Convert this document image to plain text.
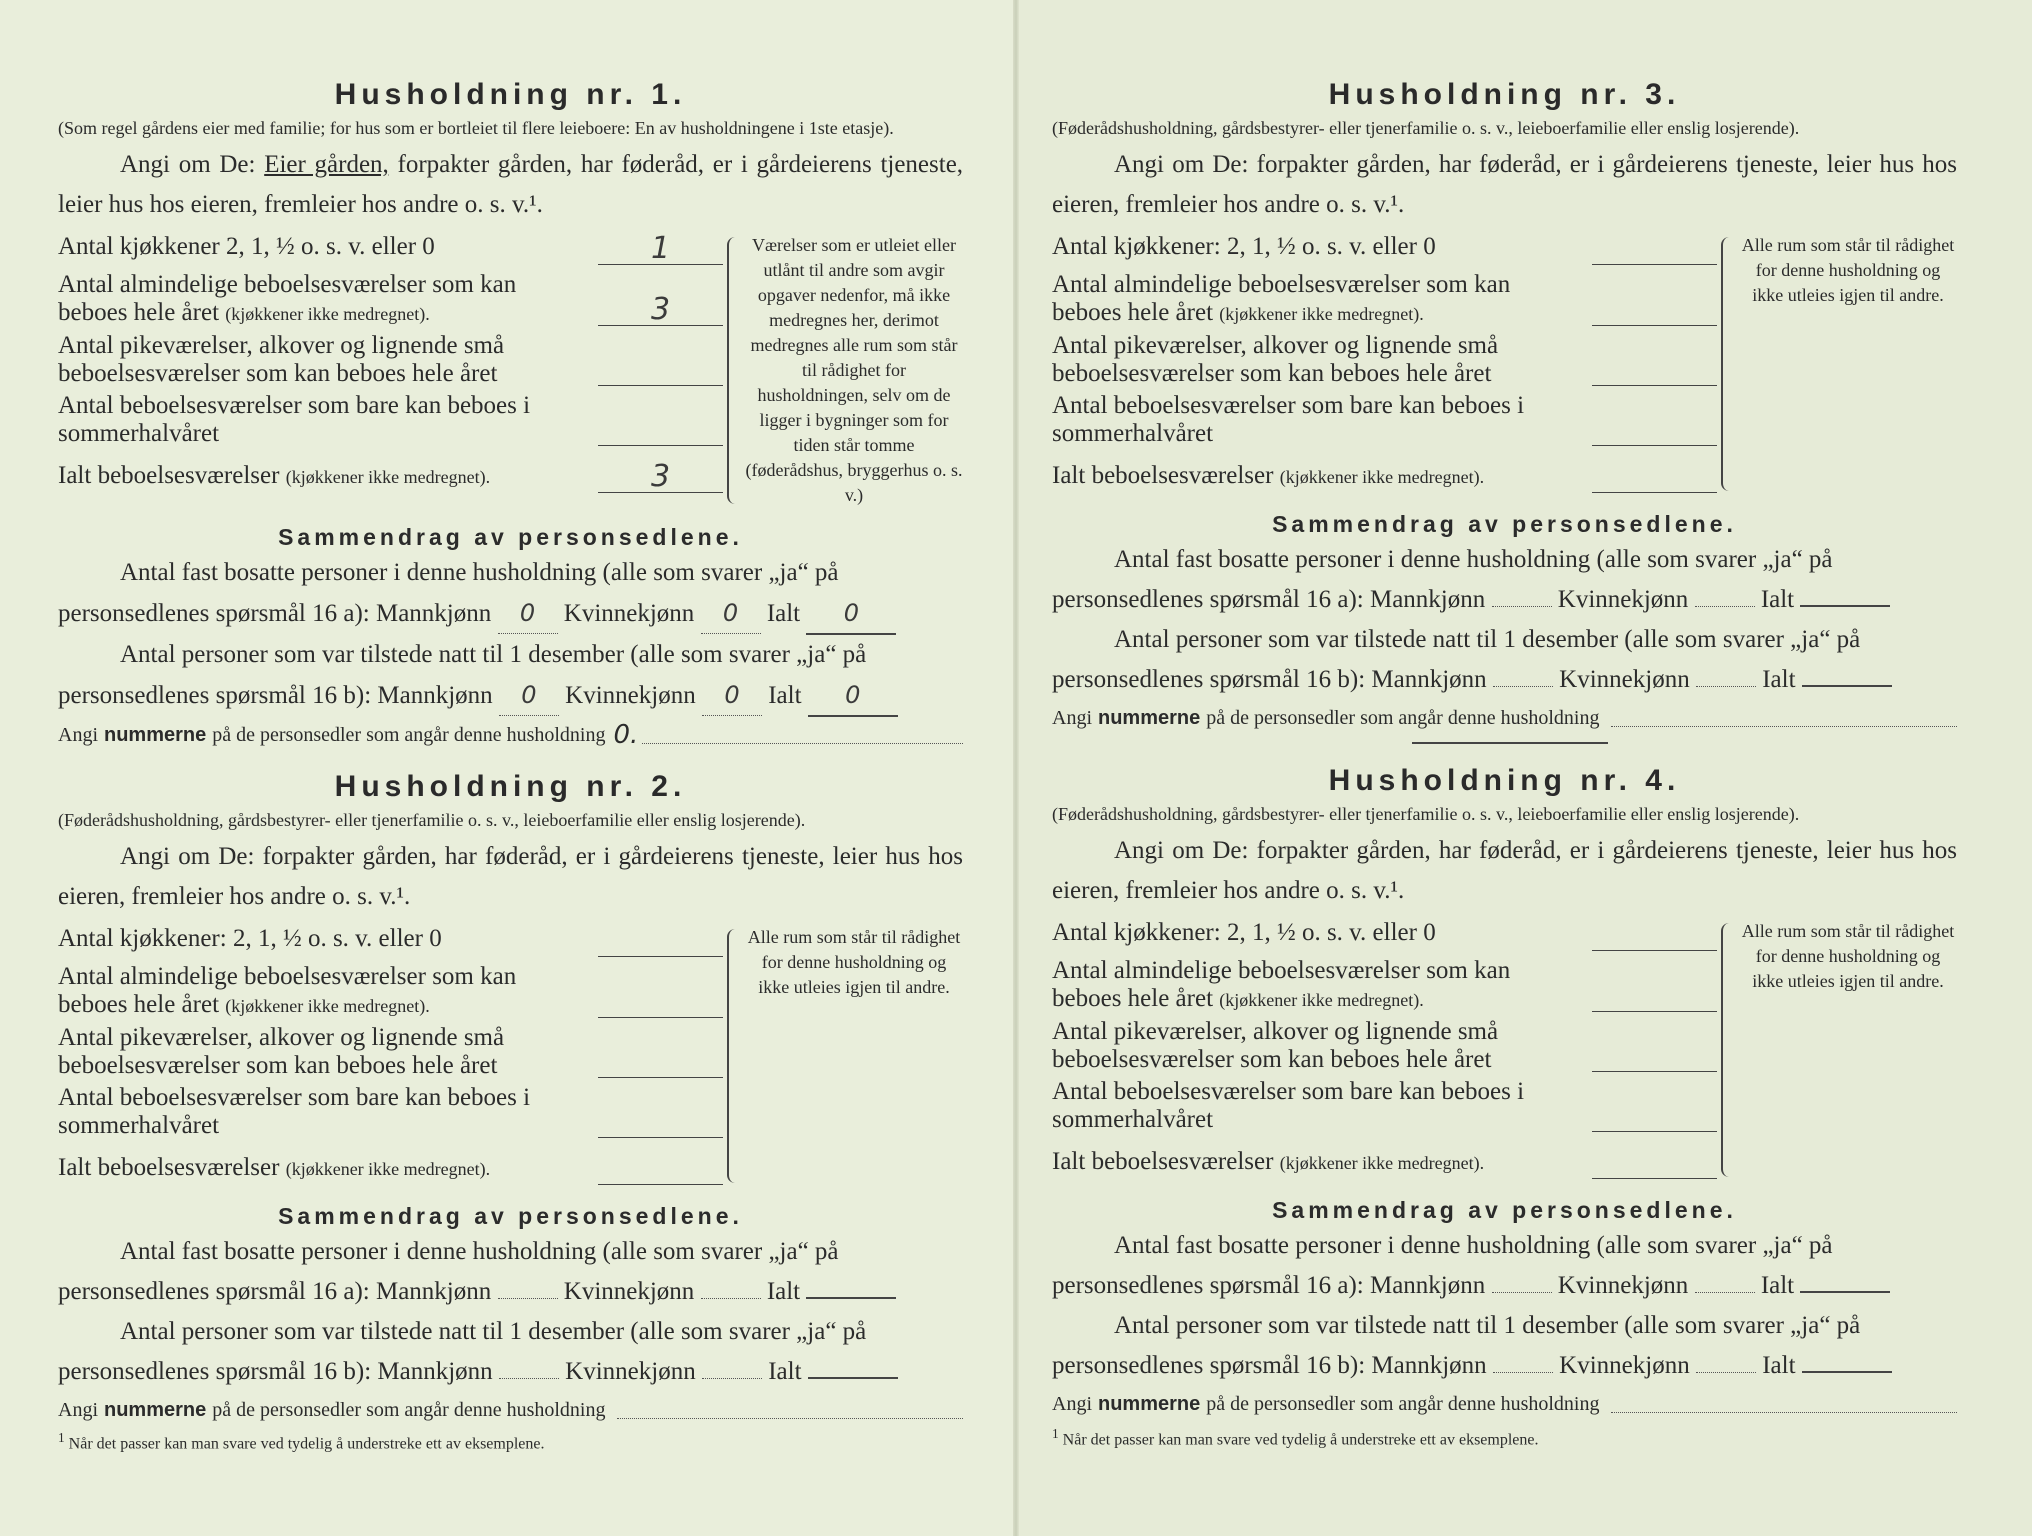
Husholdning nr. 1.
(Som regel gårdens eier med familie; for hus som er bortleiet til flere leieboere: En av husholdningene i 1ste etasje).
Angi om De: Eier gården, forpakter gården, har føderåd, er i gårdeierens tjeneste, leier hus hos eieren, fremleier hos andre o. s. v.¹.
Antal kjøkkener 2, 1, ½ o. s. v. eller 0	1
Antal almindelige beboelsesværelser som kan beboes hele året (kjøkkener ikke medregnet).	3
Antal pikeværelser, alkover og lignende små beboelsesværelser som kan beboes hele året
Antal beboelsesværelser som bare kan beboes i sommerhalvåret
Ialt beboelsesværelser (kjøkkener ikke medregnet).	3
Værelser som er utleiet eller utlånt til andre som avgir opgaver nedenfor, må ikke medregnes her, derimot medregnes alle rum som står til rådighet for husholdningen, selv om de ligger i bygninger som for tiden står tomme (føderådshus, bryggerhus o. s. v.)
Sammendrag av personsedlene.
Antal fast bosatte personer i denne husholdning (alle som svarer „ja“ på personsedlenes spørsmål 16 a): Mannkjønn 0 Kvinnekjønn 0 Ialt 0
Antal personer som var tilstede natt til 1 desember (alle som svarer „ja“ på personsedlenes spørsmål 16 b): Mannkjønn 0 Kvinnekjønn 0 Ialt 0
Angi nummerne på de personsedler som angår denne husholdning 0.
Husholdning nr. 2.
(Føderådshusholdning, gårdsbestyrer- eller tjenerfamilie o. s. v., leieboerfamilie eller enslig losjerende).
Angi om De: forpakter gården, har føderåd, er i gårdeierens tjeneste, leier hus hos eieren, fremleier hos andre o. s. v.¹.
Antal kjøkkener: 2, 1, ½ o. s. v. eller 0
Antal almindelige beboelsesværelser som kan beboes hele året (kjøkkener ikke medregnet).
Antal pikeværelser, alkover og lignende små beboelsesværelser som kan beboes hele året
Antal beboelsesværelser som bare kan beboes i sommerhalvåret
Ialt beboelsesværelser (kjøkkener ikke medregnet).
Alle rum som står til rådighet for denne husholdning og ikke utleies igjen til andre.
Sammendrag av personsedlene.
Antal fast bosatte personer i denne husholdning (alle som svarer „ja“ på personsedlenes spørsmål 16 a): Mannkjønn	Kvinnekjønn	Ialt
Antal personer som var tilstede natt til 1 desember (alle som svarer „ja“ på personsedlenes spørsmål 16 b): Mannkjønn	Kvinnekjønn	Ialt
Angi nummerne på de personsedler som angår denne husholdning
Husholdning nr. 3.
(Føderådshusholdning, gårdsbestyrer- eller tjenerfamilie o. s. v., leieboerfamilie eller enslig losjerende).
Angi om De: forpakter gården, har føderåd, er i gårdeierens tjeneste, leier hus hos eieren, fremleier hos andre o. s. v.¹.
Antal kjøkkener: 2, 1, ½ o. s. v. eller 0
Antal almindelige beboelsesværelser som kan beboes hele året (kjøkkener ikke medregnet).
Antal pikeværelser, alkover og lignende små beboelsesværelser som kan beboes hele året
Antal beboelsesværelser som bare kan beboes i sommerhalvåret
Ialt beboelsesværelser (kjøkkener ikke medregnet).
Alle rum som står til rådighet for denne husholdning og ikke utleies igjen til andre.
Sammendrag av personsedlene.
Antal fast bosatte personer i denne husholdning (alle som svarer „ja“ på personsedlenes spørsmål 16 a): Mannkjønn	Kvinnekjønn	Ialt
Antal personer som var tilstede natt til 1 desember (alle som svarer „ja“ på personsedlenes spørsmål 16 b): Mannkjønn	Kvinnekjønn	Ialt
Angi nummerne på de personsedler som angår denne husholdning
Husholdning nr. 4.
(Føderådshusholdning, gårdsbestyrer- eller tjenerfamilie o. s. v., leieboerfamilie eller enslig losjerende).
Angi om De: forpakter gården, har føderåd, er i gårdeierens tjeneste, leier hus hos eieren, fremleier hos andre o. s. v.¹.
Antal kjøkkener: 2, 1, ½ o. s. v. eller 0
Antal almindelige beboelsesværelser som kan beboes hele året (kjøkkener ikke medregnet).
Antal pikeværelser, alkover og lignende små beboelsesværelser som kan beboes hele året
Antal beboelsesværelser som bare kan beboes i sommerhalvåret
Ialt beboelsesværelser (kjøkkener ikke medregnet).
Alle rum som står til rådighet for denne husholdning og ikke utleies igjen til andre.
Sammendrag av personsedlene.
Antal fast bosatte personer i denne husholdning (alle som svarer „ja“ på personsedlenes spørsmål 16 a): Mannkjønn	Kvinnekjønn	Ialt
Antal personer som var tilstede natt til 1 desember (alle som svarer „ja“ på personsedlenes spørsmål 16 b): Mannkjønn	Kvinnekjønn	Ialt
Angi nummerne på de personsedler som angår denne husholdning
$^1$ Når det passer kan man svare ved tydelig å understreke ett av eksemplene.
$^1$ Når det passer kan man svare ved tydelig å understreke ett av eksemplene.
